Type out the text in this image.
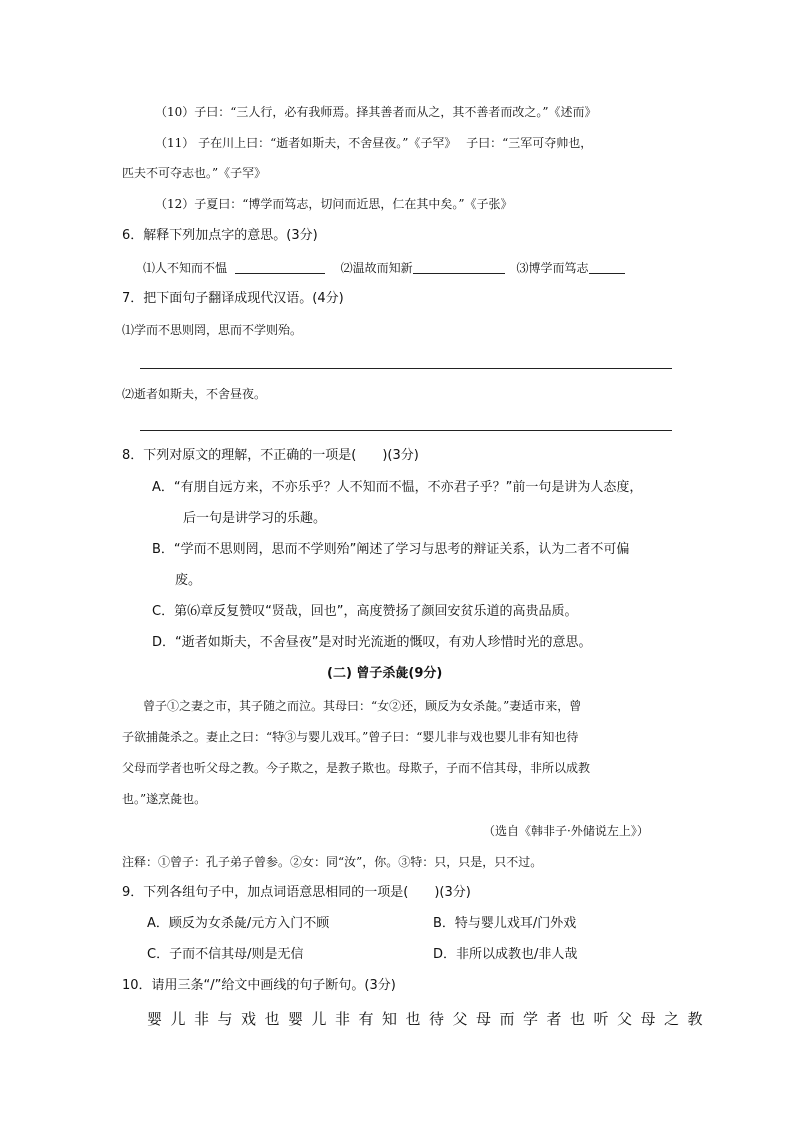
（10）子曰：“三人行，必有我师焉。择其善者而从之，其不善者而改之。”《述而》
（11） 子在川上曰：“逝者如斯夫，不舍昼夜。”《子罕》　 子曰：“三军可夺帅也，
匹夫不可夺志也。”《子罕》
（12）子夏曰：“博学而笃志，切问而近思，仁在其中矣。”《子张》
6．解释下列加点字的意思。(3分)
⑴人不知而不愠	⑵温故而知新	⑶博学而笃志
7．把下面句子翻译成现代汉语。(4分)
⑴学而不思则罔，思而不学则殆。
⑵逝者如斯夫，不舍昼夜。
8．下列对原文的理解，不正确的一项是(　　)(3分)
A．“有朋自远方来，不亦乐乎？人不知而不愠，不亦君子乎？”前一句是讲为人态度，
后一句是讲学习的乐趣。
B．“学而不思则罔，思而不学则殆”阐述了学习与思考的辩证关系，认为二者不可偏
废。
C．第⑹章反复赞叹“贤哉，回也”，高度赞扬了颜回安贫乐道的高贵品质。
D．“逝者如斯夫，不舍昼夜”是对时光流逝的慨叹，有劝人珍惜时光的意思。
(二) 曾子杀彘(9分)
曾子①之妻之市，其子随之而泣。其母曰：“女②还，顾反为女杀彘。”妻适市来，曾
子欲捕彘杀之。妻止之曰：“特③与婴儿戏耳。”曾子曰：“婴儿非与戏也婴儿非有知也待
父母而学者也听父母之教。今子欺之，是教子欺也。母欺子，子而不信其母，非所以成教
也。”遂烹彘也。
（选自《韩非子·外储说左上》）
注释：①曾子：孔子弟子曾参。②女：同“汝”，你。③特：只，只是，只不过。
9．下列各组句子中，加点词语意思相同的一项是(　　)(3分)
A．顾反为女杀彘/元方入门不顾	B．特与婴儿戏耳/门外戏
C．子而不信其母/则是无信	D．非所以成教也/非人哉
10．请用三条“/”给文中画线的句子断句。(3分)
婴儿非与戏也婴儿非有知也待父母而学者也听父母之教
